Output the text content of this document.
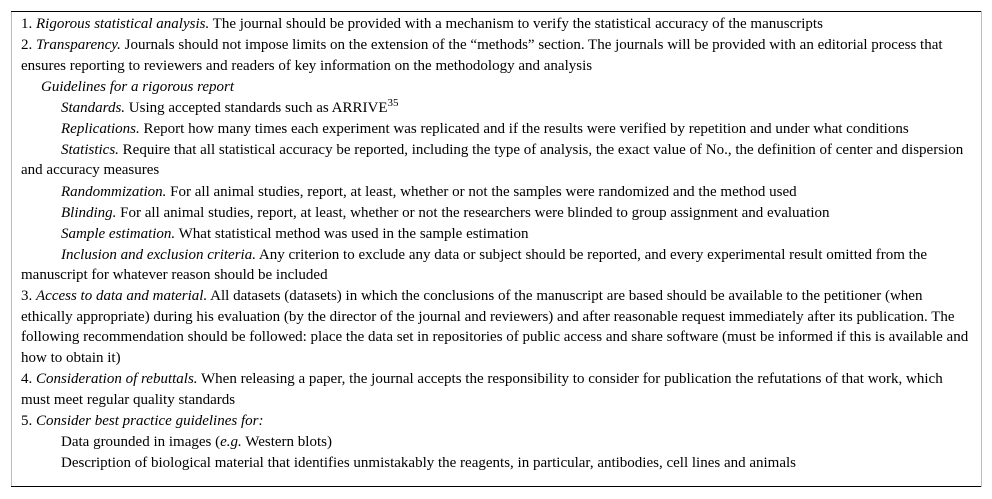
1. Rigorous statistical analysis. The journal should be provided with a mechanism to verify the statistical accuracy of the manuscripts

2. Transparency. Journals should not impose limits on the extension of the “methods” section. The journals will be provided with an editorial process that ensures reporting to reviewers and readers of key information on the methodology and analysis

Guidelines for a rigorous report

Standards. Using accepted standards such as ARRIVE$^{35}$

Replications. Report how many times each experiment was replicated and if the results were verified by repetition and under what conditions

Statistics. Require that all statistical accuracy be reported, including the type of analysis, the exact value of No., the definition of center and dispersion and accuracy measures

Randommization. For all animal studies, report, at least, whether or not the samples were randomized and the method used

Blinding. For all animal studies, report, at least, whether or not the researchers were blinded to group assignment and evaluation

Sample estimation. What statistical method was used in the sample estimation

Inclusion and exclusion criteria. Any criterion to exclude any data or subject should be reported, and every experimental result omitted from the manuscript for whatever reason should be included

3. Access to data and material. All datasets (datasets) in which the conclusions of the manuscript are based should be available to the petitioner (when ethically appropriate) during his evaluation (by the director of the journal and reviewers) and after reasonable request immediately after its publication. The following recommendation should be followed: place the data set in repositories of public access and share software (must be informed if this is available and how to obtain it)

4. Consideration of rebuttals. When releasing a paper, the journal accepts the responsibility to consider for publication the refutations of that work, which must meet regular quality standards

5. Consider best practice guidelines for:

Data grounded in images (e.g. Western blots)

Description of biological material that identifies unmistakably the reagents, in particular, antibodies, cell lines and animals
